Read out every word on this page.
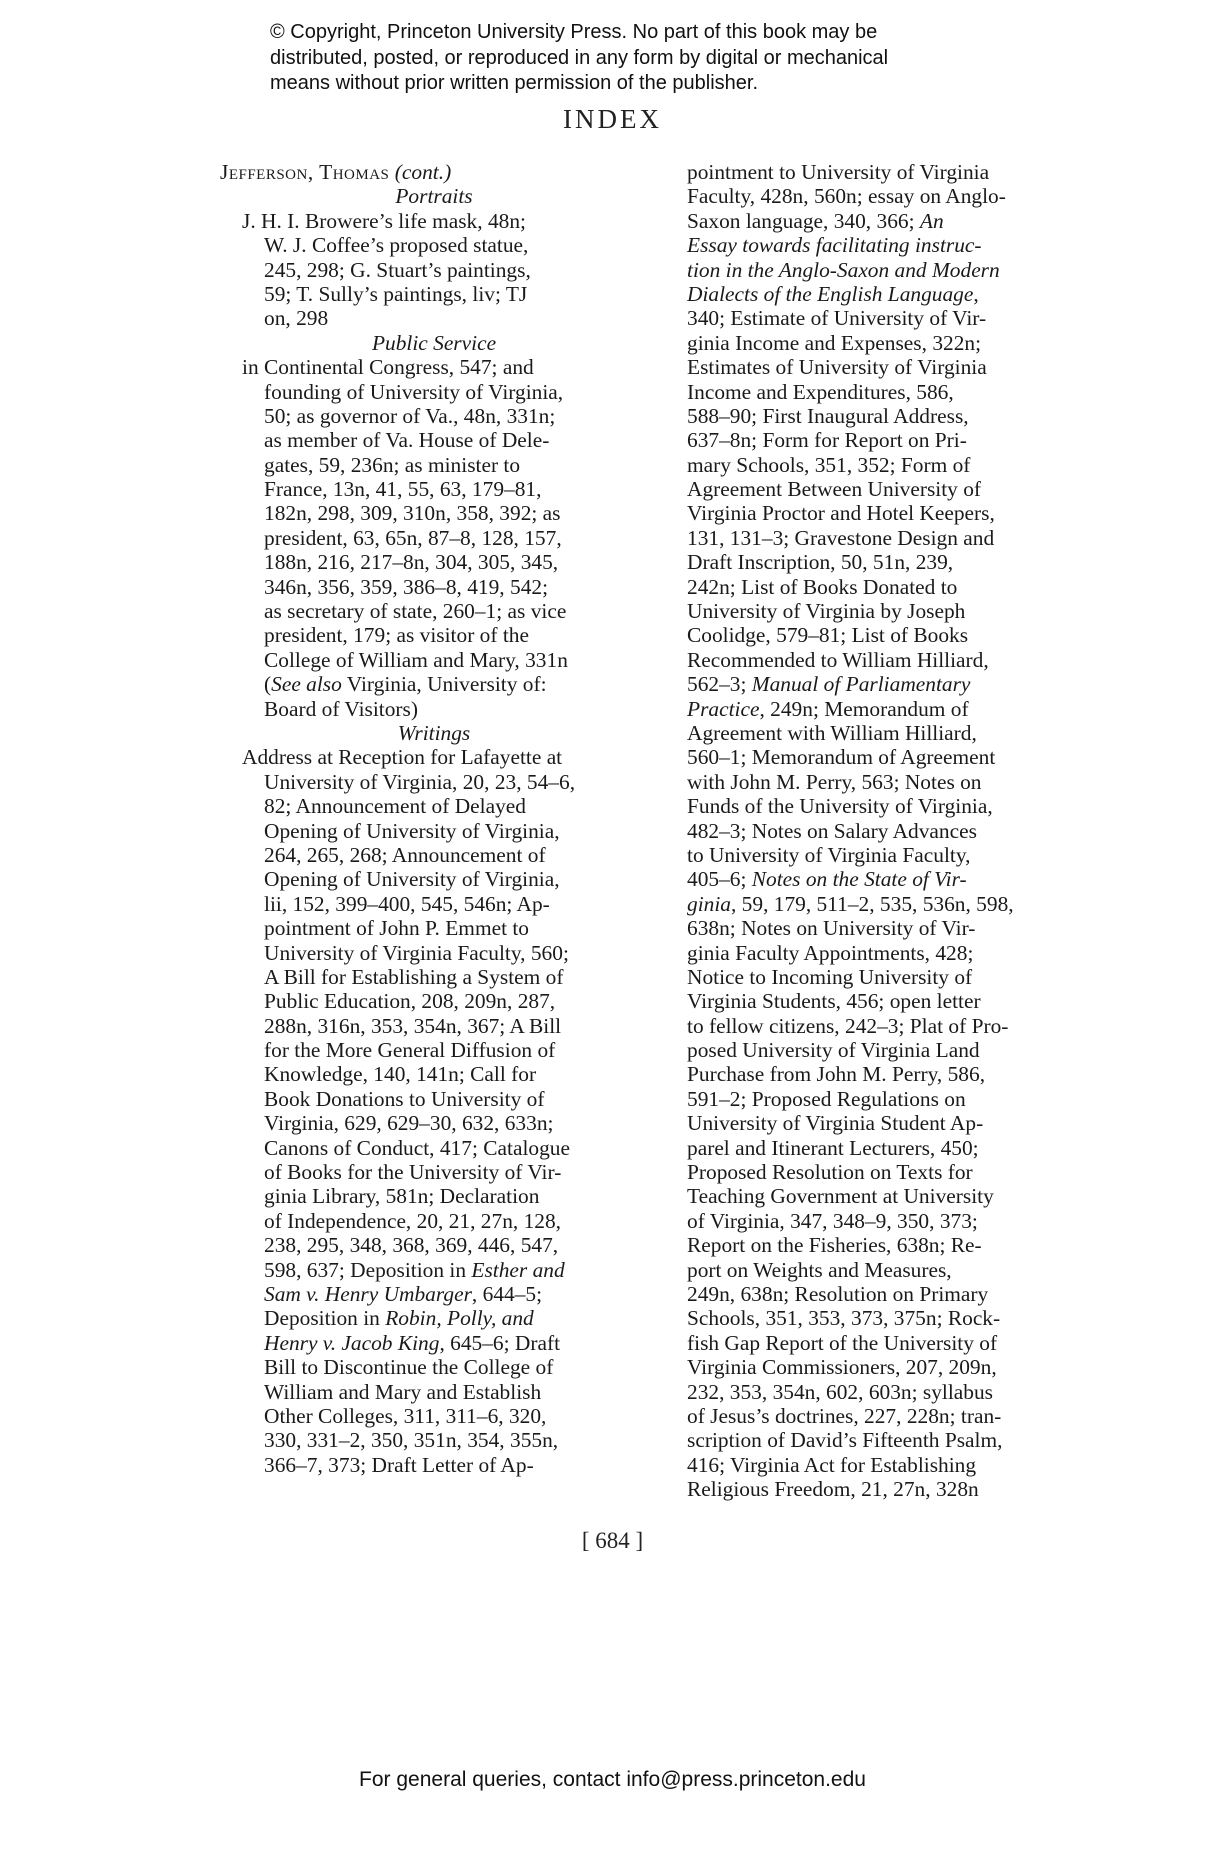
© Copyright, Princeton University Press. No part of this book may be
distributed, posted, or reproduced in any form by digital or mechanical
means without prior written permission of the publisher.
INDEX
Jefferson, Thomas (cont.)
Portraits
J. H. I. Browere’s life mask, 48n;
W. J. Coffee’s proposed statue,
245, 298; G. Stuart’s paintings,
59; T. Sully’s paintings, liv; TJ
on, 298
Public Service
in Continental Congress, 547; and
founding of University of Virginia,
50; as governor of Va., 48n, 331n;
as member of Va. House of Dele-
gates, 59, 236n; as minister to
France, 13n, 41, 55, 63, 179–81,
182n, 298, 309, 310n, 358, 392; as
president, 63, 65n, 87–8, 128, 157,
188n, 216, 217–8n, 304, 305, 345,
346n, 356, 359, 386–8, 419, 542;
as secretary of state, 260–1; as vice
president, 179; as visitor of the
College of William and Mary, 331n
(See also Virginia, University of:
Board of Visitors)
Writings
Address at Reception for Lafayette at
University of Virginia, 20, 23, 54–6,
82; Announcement of Delayed
Opening of University of Virginia,
264, 265, 268; Announcement of
Opening of University of Virginia,
lii, 152, 399–400, 545, 546n; Ap-
pointment of John P. Emmet to
University of Virginia Faculty, 560;
A Bill for Establishing a System of
Public Education, 208, 209n, 287,
288n, 316n, 353, 354n, 367; A Bill
for the More General Diffusion of
Knowledge, 140, 141n; Call for
Book Donations to University of
Virginia, 629, 629–30, 632, 633n;
Canons of Conduct, 417; Catalogue
of Books for the University of Vir-
ginia Library, 581n; Declaration
of Independence, 20, 21, 27n, 128,
238, 295, 348, 368, 369, 446, 547,
598, 637; Deposition in Esther and
Sam v. Henry Umbarger, 644–5;
Deposition in Robin, Polly, and
Henry v. Jacob King, 645–6; Draft
Bill to Discontinue the College of
William and Mary and Establish
Other Colleges, 311, 311–6, 320,
330, 331–2, 350, 351n, 354, 355n,
366–7, 373; Draft Letter of Ap-
pointment to University of Virginia
Faculty, 428n, 560n; essay on Anglo-
Saxon language, 340, 366; An
Essay towards facilitating instruc-
tion in the Anglo-Saxon and Modern
Dialects of the English Language,
340; Estimate of University of Vir-
ginia Income and Expenses, 322n;
Estimates of University of Virginia
Income and Expenditures, 586,
588–90; First Inaugural Address,
637–8n; Form for Report on Pri-
mary Schools, 351, 352; Form of
Agreement Between University of
Virginia Proctor and Hotel Keepers,
131, 131–3; Gravestone Design and
Draft Inscription, 50, 51n, 239,
242n; List of Books Donated to
University of Virginia by Joseph
Coolidge, 579–81; List of Books
Recommended to William Hilliard,
562–3; Manual of Parliamentary
Practice, 249n; Memorandum of
Agreement with William Hilliard,
560–1; Memorandum of Agreement
with John M. Perry, 563; Notes on
Funds of the University of Virginia,
482–3; Notes on Salary Advances
to University of Virginia Faculty,
405–6; Notes on the State of Vir-
ginia, 59, 179, 511–2, 535, 536n, 598,
638n; Notes on University of Vir-
ginia Faculty Appointments, 428;
Notice to Incoming University of
Virginia Students, 456; open letter
to fellow citizens, 242–3; Plat of Pro-
posed University of Virginia Land
Purchase from John M. Perry, 586,
591–2; Proposed Regulations on
University of Virginia Student Ap-
parel and Itinerant Lecturers, 450;
Proposed Resolution on Texts for
Teaching Government at University
of Virginia, 347, 348–9, 350, 373;
Report on the Fisheries, 638n; Re-
port on Weights and Measures,
249n, 638n; Resolution on Primary
Schools, 351, 353, 373, 375n; Rock-
fish Gap Report of the University of
Virginia Commissioners, 207, 209n,
232, 353, 354n, 602, 603n; syllabus
of Jesus’s doctrines, 227, 228n; tran-
scription of David’s Fifteenth Psalm,
416; Virginia Act for Establishing
Religious Freedom, 21, 27n, 328n
[ 684 ]
For general queries, contact info@press.princeton.edu
